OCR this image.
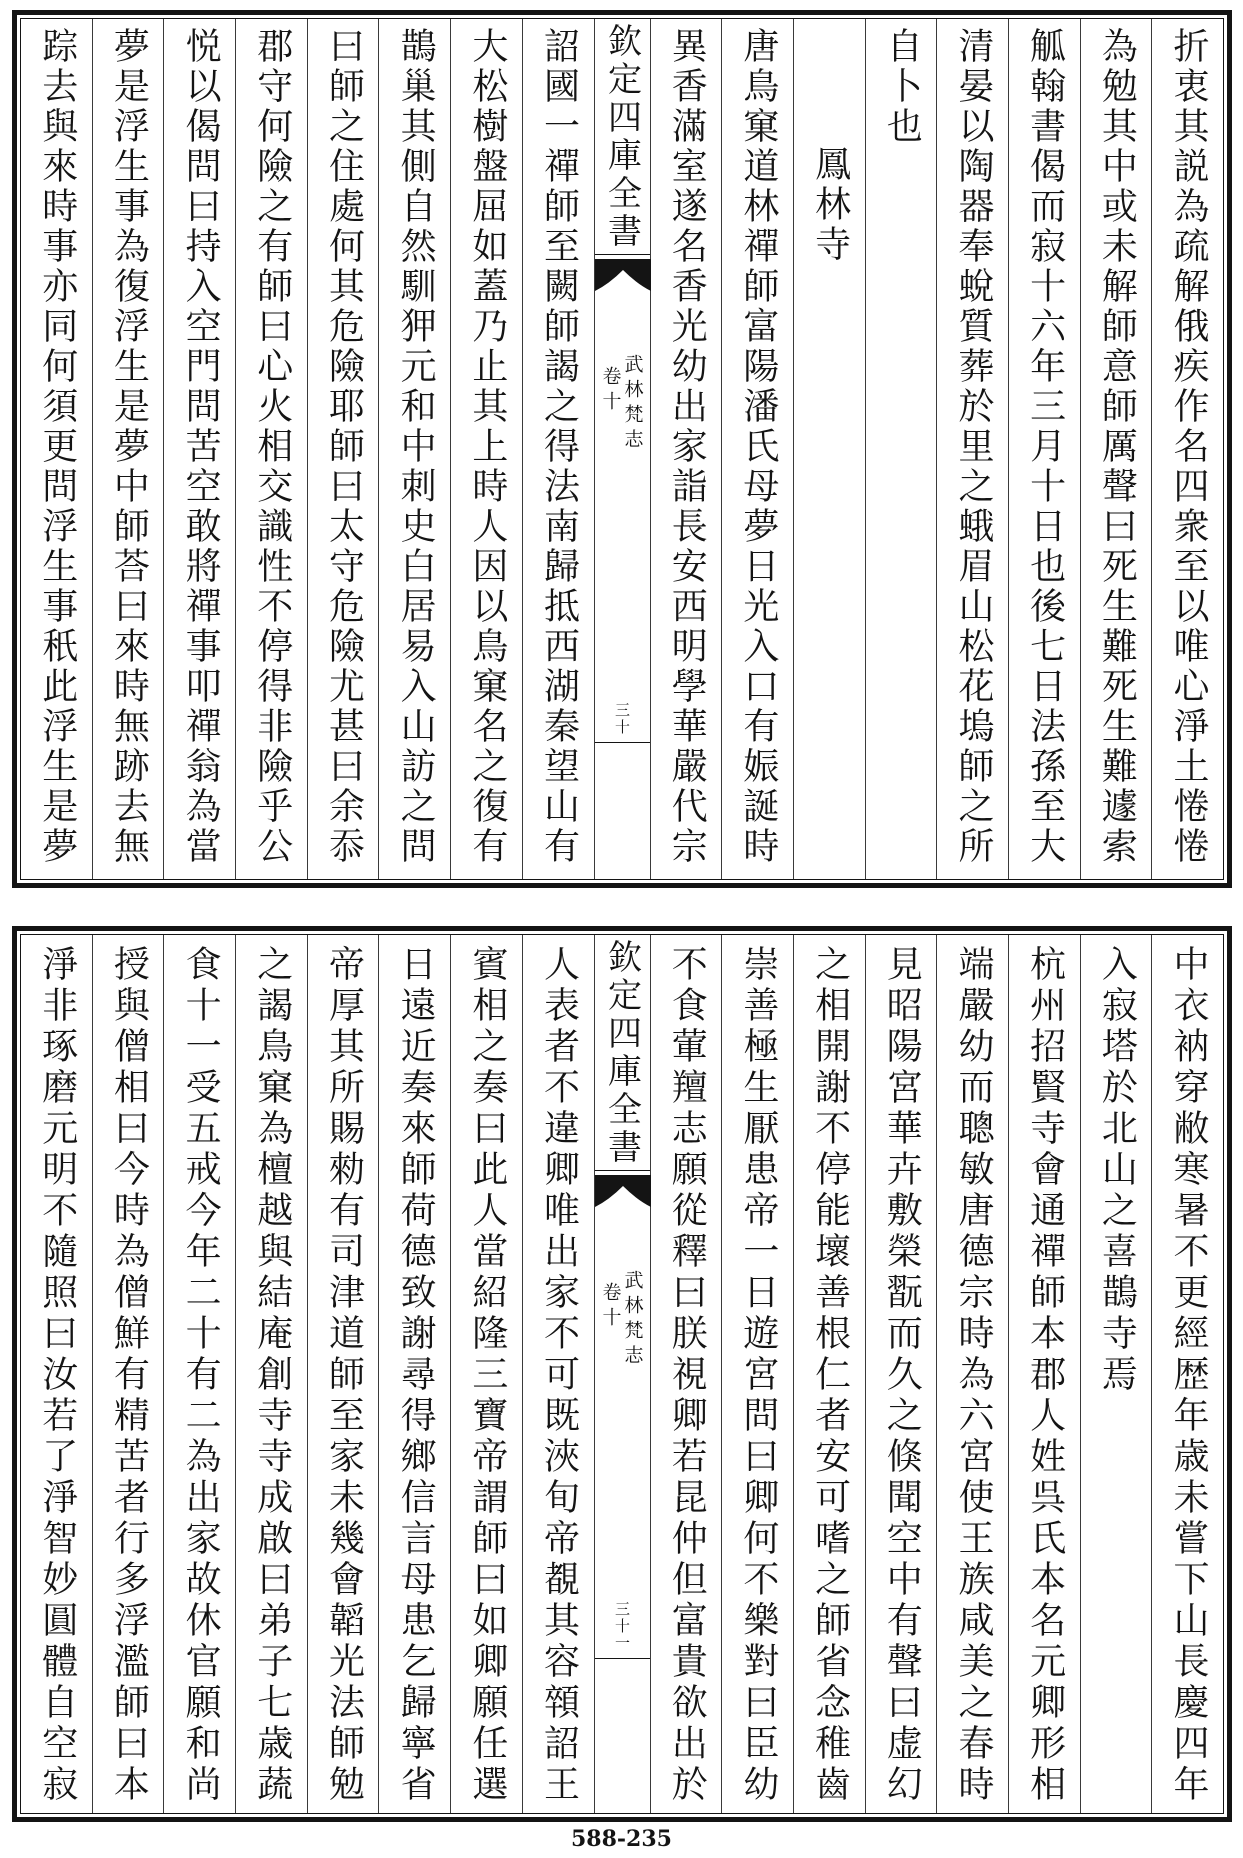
折衷其説為疏解俄疾作名四衆至以唯心淨土惓惓
為勉其中或未解師意師厲聲曰死生難死生難遽索
觚翰書偈而寂十六年三月十日也後七日法孫至大
清晏以陶器奉蛻質葬於里之蛾眉山松花塢師之所
自卜也
鳳林寺
唐鳥窠道林禪師富陽潘氏母夢日光入口有娠誕時
異香滿室遂名香光幼出家詣長安西明學華嚴代宗
欽定四庫全書
武林梵志
卷十
三十
詔國一禪師至闕師謁之得法南歸抵西湖秦望山有
大松樹盤屈如蓋乃止其上時人因以鳥窠名之復有
鵲巢其側自然馴狎元和中刺史白居易入山訪之問
曰師之住處何其危險耶師曰太守危險尤甚曰余忝
郡守何險之有師曰心火相交識性不停得非險乎公
悦以偈問曰持入空門問苦空敢將禪事叩禪翁為當
夢是浮生事為復浮生是夢中師荅曰來時無跡去無
踪去與來時事亦同何須更問浮生事秖此浮生是夢
中衣衲穿敝寒暑不更經歴年歳未嘗下山長慶四年
入寂塔於北山之喜鵲寺焉
杭州招賢寺會通禪師本郡人姓呉氏本名元卿形相
端嚴幼而聰敏唐德宗時為六宮使王族咸美之春時
見昭陽宮華卉敷榮翫而久之倏聞空中有聲曰虚幻
之相開謝不停能壞善根仁者安可嗜之師省念稚齒
崇善極生厭患帝一日遊宮問曰卿何不樂對曰臣幼
不食葷羶志願從釋曰朕視卿若昆仲但富貴欲出於
欽定四庫全書
武林梵志
卷十
三十一
人表者不違卿唯出家不可既浹旬帝覩其容顇詔王
賓相之奏曰此人當紹隆三寶帝謂師曰如卿願任選
日遠近奏來師荷德致謝尋得鄉信言母患乞歸寧省
帝厚其所賜勑有司津道師至家未幾會韜光法師勉
之謁鳥窠為檀越與結庵創寺寺成啟曰弟子七歳蔬
食十一受五戒今年二十有二為出家故休官願和尚
授與僧相曰今時為僧鮮有精苦者行多浮濫師曰本
淨非琢磨元明不隨照曰汝若了淨智妙圓體自空寂
588-235
